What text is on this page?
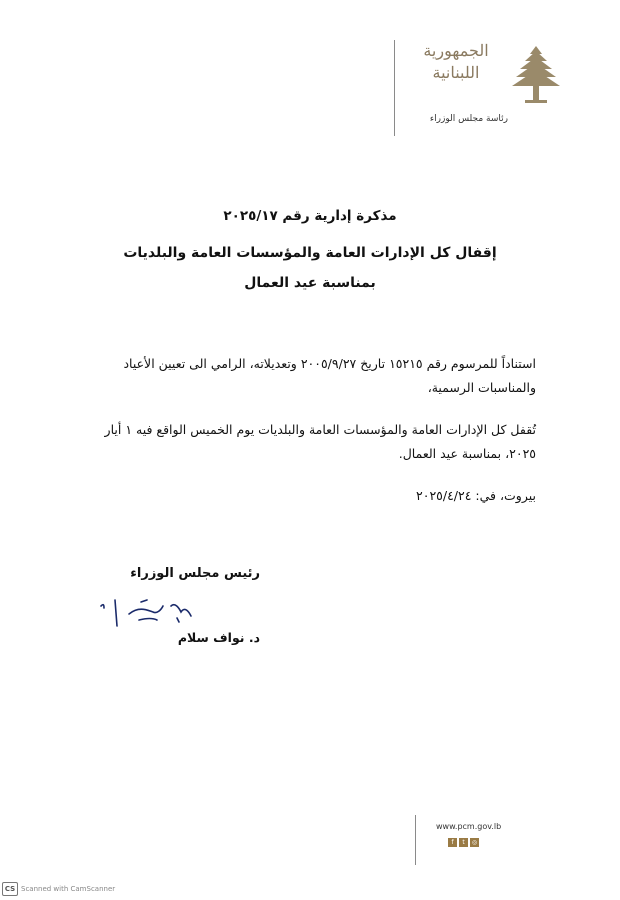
الجمهورية
اللبنانية
رئاسة مجلس الوزراء
مذكرة إدارية رقم ٢٠٢٥/١٧
إقفال كل الإدارات العامة والمؤسسات العامة والبلديات
بمناسبة عيد العمال
استناداً للمرسوم رقم ١٥٢١٥ تاريخ ٢٠٠٥/٩/٢٧ وتعديلاته، الرامي الى تعيين الأعياد والمناسبات الرسمية،
تُقفل كل الإدارات العامة والمؤسسات العامة والبلديات يوم الخميس الواقع فيه ١ أيار ٢٠٢٥، بمناسبة عيد العمال.
بيروت، في: ٢٠٢٥/٤/٢٤
رئيس مجلس الوزراء
د. نواف سلام
www.pcm.gov.lb
f	t	◎
CS Scanned with CamScanner
